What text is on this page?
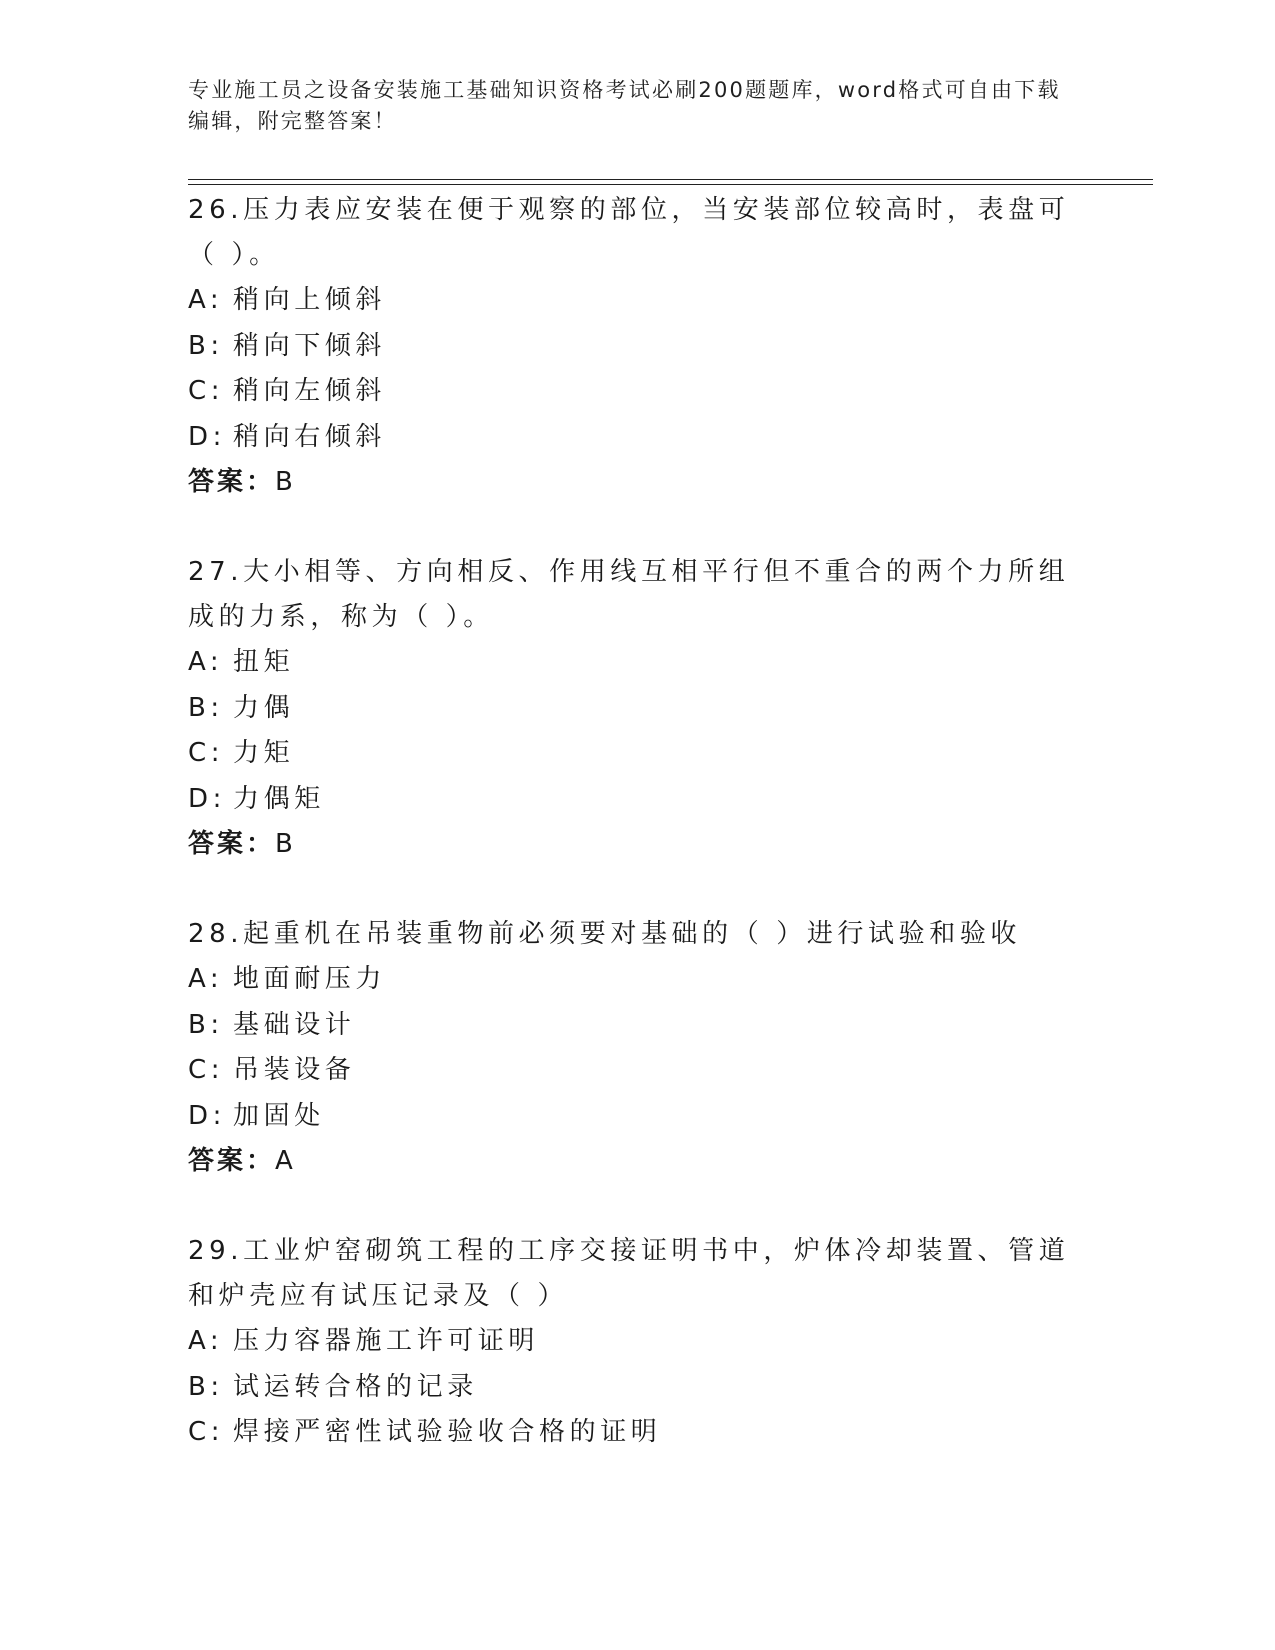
专业施工员之设备安装施工基础知识资格考试必刷200题题库，word格式可自由下载编辑，附完整答案！

26.压力表应安装在便于观察的部位，当安装部位较高时，表盘可（ ）。

A: 稍向上倾斜

B: 稍向下倾斜

C: 稍向左倾斜

D: 稍向右倾斜

答案：B

27.大小相等、方向相反、作用线互相平行但不重合的两个力所组成的力系，称为（ ）。

A: 扭矩

B: 力偶

C: 力矩

D: 力偶矩

答案：B

28.起重机在吊装重物前必须要对基础的（ ）进行试验和验收

A: 地面耐压力

B: 基础设计

C: 吊装设备

D: 加固处

答案：A

29.工业炉窑砌筑工程的工序交接证明书中，炉体冷却装置、管道和炉壳应有试压记录及（ ）

A: 压力容器施工许可证明

B: 试运转合格的记录

C: 焊接严密性试验验收合格的证明
